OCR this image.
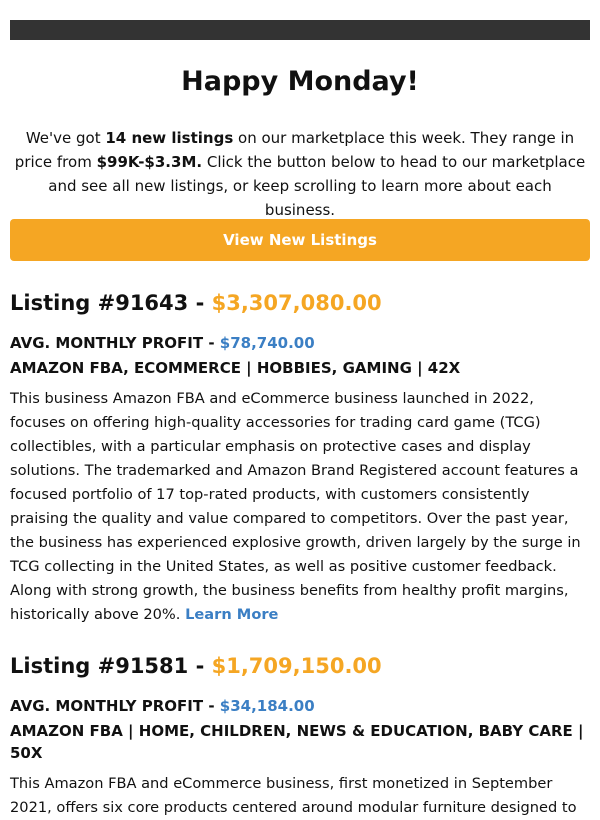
Happy Monday!
We've got 14 new listings on our marketplace this week. They range in price from $99K-$3.3M. Click the button below to head to our marketplace and see all new listings, or keep scrolling to learn more about each business.
View New Listings
Listing #91643 - $3,307,080.00
AVG. MONTHLY PROFIT - $78,740.00
AMAZON FBA, ECOMMERCE | HOBBIES, GAMING | 42X
This business Amazon FBA and eCommerce business launched in 2022, focuses on offering high-quality accessories for trading card game (TCG) collectibles, with a particular emphasis on protective cases and display solutions. The trademarked and Amazon Brand Registered account features a focused portfolio of 17 top-rated products, with customers consistently praising the quality and value compared to competitors. Over the past year, the business has experienced explosive growth, driven largely by the surge in TCG collecting in the United States, as well as positive customer feedback. Along with strong growth, the business benefits from healthy profit margins, historically above 20%. Learn More
Listing #91581 - $1,709,150.00
AVG. MONTHLY PROFIT - $34,184.00
AMAZON FBA | HOME, CHILDREN, NEWS & EDUCATION, BABY CARE | 50X
This Amazon FBA and eCommerce business, first monetized in September 2021, offers six core products centered around modular furniture designed to
